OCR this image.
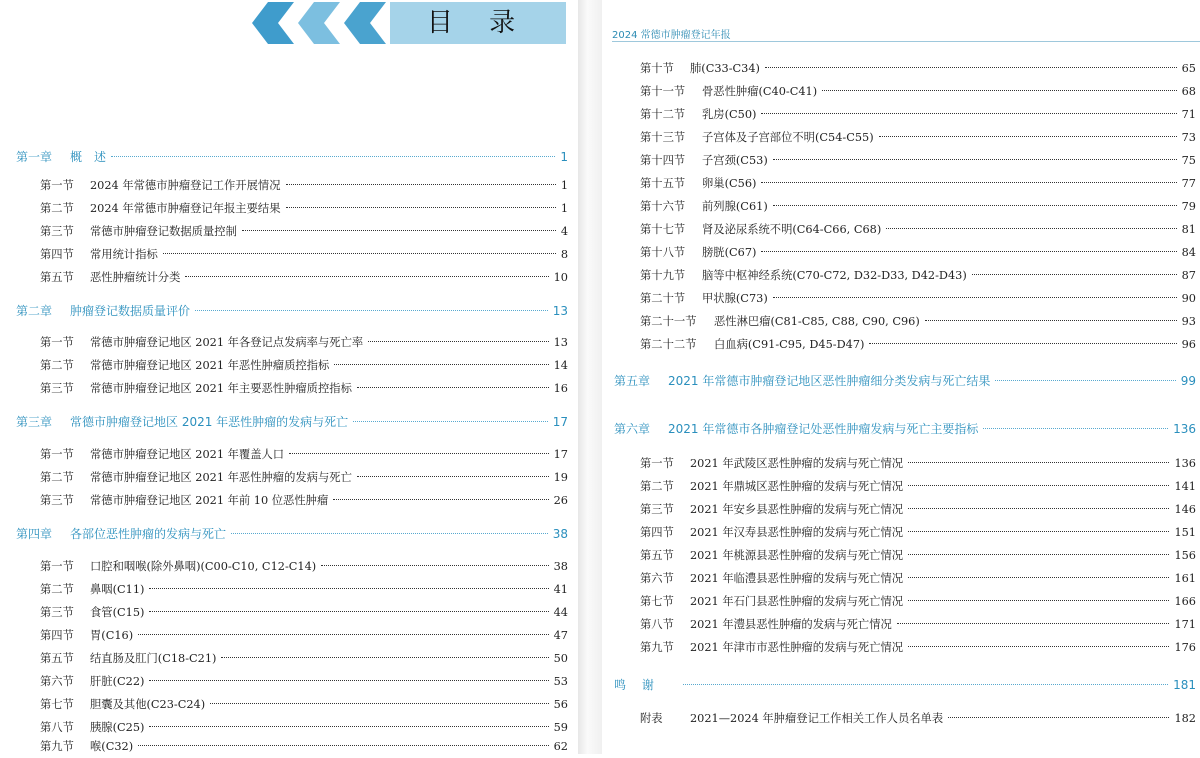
目 录
第一章 概　述	1
第一节	2024 年常德市肿瘤登记工作开展情况	1
第二节	2024 年常德市肿瘤登记年报主要结果	1
第三节	常德市肿瘤登记数据质量控制	4
第四节	常用统计指标	8
第五节	恶性肿瘤统计分类	10
第二章 肿瘤登记数据质量评价	13
第一节	常德市肿瘤登记地区 2021 年各登记点发病率与死亡率	13
第二节	常德市肿瘤登记地区 2021 年恶性肿瘤质控指标	14
第三节	常德市肿瘤登记地区 2021 年主要恶性肿瘤质控指标	16
第三章 常德市肿瘤登记地区 2021 年恶性肿瘤的发病与死亡	17
第一节	常德市肿瘤登记地区 2021 年覆盖人口	17
第二节	常德市肿瘤登记地区 2021 年恶性肿瘤的发病与死亡	19
第三节	常德市肿瘤登记地区 2021 年前 10 位恶性肿瘤	26
第四章 各部位恶性肿瘤的发病与死亡	38
第一节	口腔和咽喉(除外鼻咽)(C00-C10, C12-C14)	38
第二节	鼻咽(C11)	41
第三节	食管(C15)	44
第四节	胃(C16)	47
第五节	结直肠及肛门(C18-C21)	50
第六节	肝脏(C22)	53
第七节	胆囊及其他(C23-C24)	56
第八节	胰腺(C25)	59
第九节	喉(C32)	62
第十节	肺(C33-C34)	65
第十一节	骨恶性肿瘤(C40-C41)	68
第十二节	乳房(C50)	71
第十三节	子宫体及子宫部位不明(C54-C55)	73
第十四节	子宫颈(C53)	75
第十五节	卵巢(C56)	77
第十六节	前列腺(C61)	79
第十七节	肾及泌尿系统不明(C64-C66, C68)	81
第十八节	膀胱(C67)	84
第十九节	脑等中枢神经系统(C70-C72, D32-D33, D42-D43)	87
第二十节	甲状腺(C73)	90
第二十一节	恶性淋巴瘤(C81-C85, C88, C90, C96)	93
第二十二节	白血病(C91-C95, D45-D47)	96
第五章 2021 年常德市肿瘤登记地区恶性肿瘤细分类发病与死亡结果	99
第六章 2021 年常德市各肿瘤登记处恶性肿瘤发病与死亡主要指标	136
第一节	2021 年武陵区恶性肿瘤的发病与死亡情况	136
第二节	2021 年鼎城区恶性肿瘤的发病与死亡情况	141
第三节	2021 年安乡县恶性肿瘤的发病与死亡情况	146
第四节	2021 年汉寿县恶性肿瘤的发病与死亡情况	151
第五节	2021 年桃源县恶性肿瘤的发病与死亡情况	156
第六节	2021 年临澧县恶性肿瘤的发病与死亡情况	161
第七节	2021 年石门县恶性肿瘤的发病与死亡情况	166
第八节	2021 年澧县恶性肿瘤的发病与死亡情况	171
第九节	2021 年津市市恶性肿瘤的发病与死亡情况	176
鸣 谢	181
附表	2021—2024 年肿瘤登记工作相关工作人员名单表	182
2024 常德市肿瘤登记年报
